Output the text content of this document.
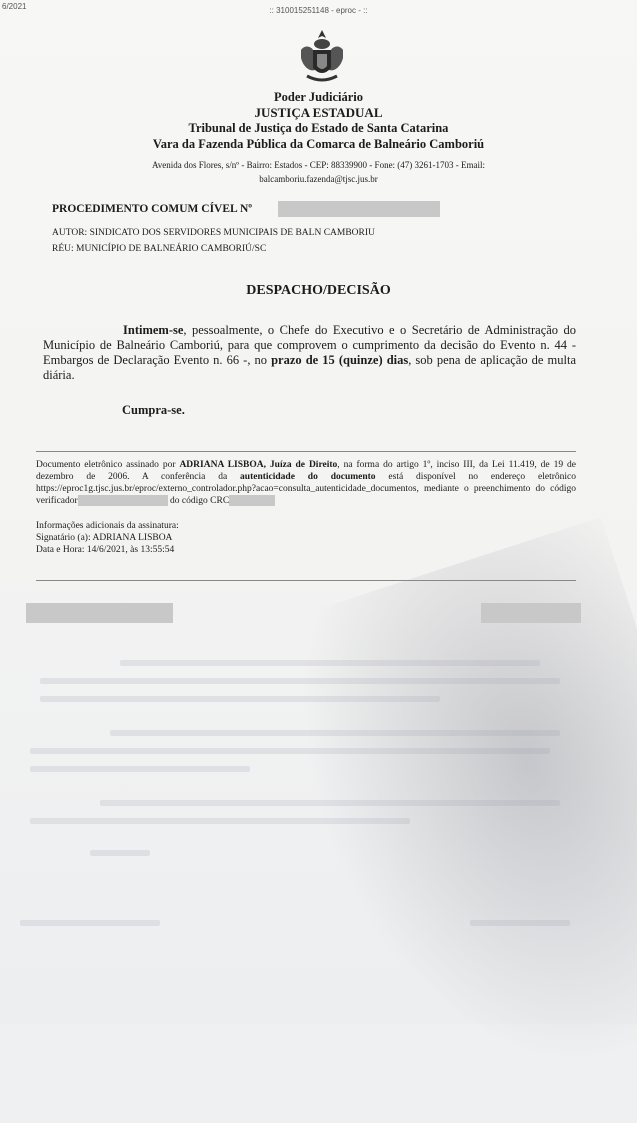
6/2021	:: 310015251148 - eproc - ::
Poder Judiciário
JUSTIÇA ESTADUAL
Tribunal de Justiça do Estado de Santa Catarina
Vara da Fazenda Pública da Comarca de Balneário Camboriú
Avenida dos Flores, s/nº - Bairro: Estados - CEP: 88339900 - Fone: (47) 3261-1703 - Email:
balcamboriu.fazenda@tjsc.jus.br
PROCEDIMENTO COMUM CÍVEL Nº
AUTOR: SINDICATO DOS SERVIDORES MUNICIPAIS DE BALN CAMBORIU
RÉU: MUNICÍPIO DE BALNEÁRIO CAMBORIÚ/SC
DESPACHO/DECISÃO
Intimem-se, pessoalmente, o Chefe do Executivo e o Secretário de Administração do Município de Balneário Camboriú, para que comprovem o cumprimento da decisão do Evento n. 44 - Embargos de Declaração Evento n. 66 -, no prazo de 15 (quinze) dias, sob pena de aplicação de multa diária.
Cumpra-se.
Documento eletrônico assinado por ADRIANA LISBOA, Juíza de Direito, na forma do artigo 1º, inciso III, da Lei 11.419, de 19 de dezembro de 2006. A conferência da autenticidade do documento está disponível no endereço eletrônico https://eproc1g.tjsc.jus.br/eproc/externo_controlador.php?acao=consulta_autenticidade_documentos, mediante o preenchimento do código verificador	do código CRC
Informações adicionais da assinatura:
Signatário (a): ADRIANA LISBOA
Data e Hora: 14/6/2021, às 13:55:54
